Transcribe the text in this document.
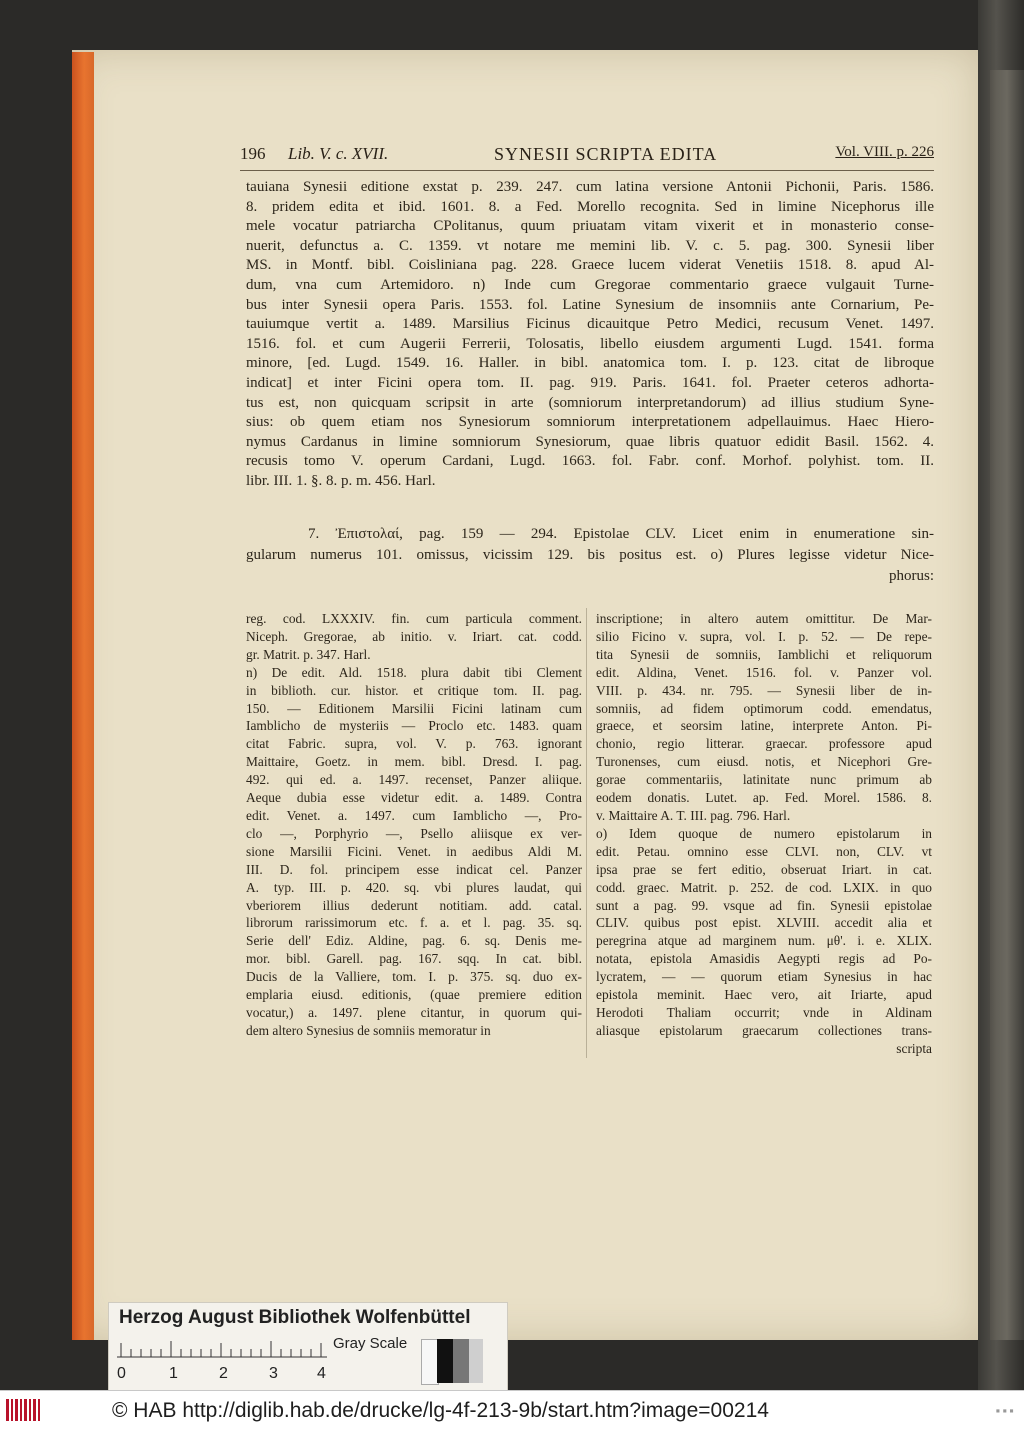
196 Lib. V. c. XVII.	SYNESII SCRIPTA EDITA	Vol. VIII. p. 226
tauiana Synesii editione exstat p. 239. 247. cum latina versione Antonii Pichonii, Paris. 1586.
8. pridem edita et ibid. 1601. 8. a Fed. Morello recognita. Sed in limine Nicephorus ille
mele vocatur patriarcha CPolitanus, quum priuatam vitam vixerit et in monasterio conse-
nuerit, defunctus a. C. 1359. vt notare me memini lib. V. c. 5. pag. 300. Synesii liber
MS. in Montf. bibl. Coisliniana pag. 228. Graece lucem viderat Venetiis 1518. 8. apud Al-
dum, vna cum Artemidoro. n) Inde cum Gregorae commentario graece vulgauit Turne-
bus inter Synesii opera Paris. 1553. fol. Latine Synesium de insomniis ante Cornarium, Pe-
tauiumque vertit a. 1489. Marsilius Ficinus dicauitque Petro Medici, recusum Venet. 1497.
1516. fol. et cum Augerii Ferrerii, Tolosatis, libello eiusdem argumenti Lugd. 1541. forma
minore, [ed. Lugd. 1549. 16. Haller. in bibl. anatomica tom. I. p. 123. citat de libroque
indicat] et inter Ficini opera tom. II. pag. 919. Paris. 1641. fol. Praeter ceteros adhorta-
tus est, non quicquam scripsit in arte (somniorum interpretandorum) ad illius studium Syne-
sius: ob quem etiam nos Synesiorum somniorum interpretationem adpellauimus. Haec Hiero-
nymus Cardanus in limine somniorum Synesiorum, quae libris quatuor edidit Basil. 1562. 4.
recusis tomo V. operum Cardani, Lugd. 1663. fol. Fabr. conf. Morhof. polyhist. tom. II.
libr. III. 1. §. 8. p. m. 456. Harl.
7. Ἐπιστολαί, pag. 159 — 294. Epistolae CLV. Licet enim in enumeratione sin-
gularum numerus 101. omissus, vicissim 129. bis positus est. o) Plures legisse videtur Nice-
phorus:
reg. cod. LXXXIV. fin. cum particula comment.
Niceph. Gregorae, ab initio. v. Iriart. cat. codd.
gr. Matrit. p. 347. Harl.
n) De edit. Ald. 1518. plura dabit tibi Clement
in biblioth. cur. histor. et critique tom. II. pag.
150. — Editionem Marsilii Ficini latinam cum
Iamblicho de mysteriis — Proclo etc. 1483. quam
citat Fabric. supra, vol. V. p. 763. ignorant
Maittaire, Goetz. in mem. bibl. Dresd. I. pag.
492. qui ed. a. 1497. recenset, Panzer aliique.
Aeque dubia esse videtur edit. a. 1489. Contra
edit. Venet. a. 1497. cum Iamblicho —, Pro-
clo —, Porphyrio —, Psello aliisque ex ver-
sione Marsilii Ficini. Venet. in aedibus Aldi M.
III. D. fol. principem esse indicat cel. Panzer
A. typ. III. p. 420. sq. vbi plures laudat, qui
vberiorem illius dederunt notitiam. add. catal.
librorum rarissimorum etc. f. a. et l. pag. 35. sq.
Serie dell' Ediz. Aldine, pag. 6. sq. Denis me-
mor. bibl. Garell. pag. 167. sqq. In cat. bibl.
Ducis de la Valliere, tom. I. p. 375. sq. duo ex-
emplaria eiusd. editionis, (quae premiere edition
vocatur,) a. 1497. plene citantur, in quorum qui-
dem altero Synesius de somniis memoratur in
inscriptione; in altero autem omittitur. De Mar-
silio Ficino v. supra, vol. I. p. 52. — De repe-
tita Synesii de somniis, Iamblichi et reliquorum
edit. Aldina, Venet. 1516. fol. v. Panzer vol.
VIII. p. 434. nr. 795. — Synesii liber de in-
somniis, ad fidem optimorum codd. emendatus,
graece, et seorsim latine, interprete Anton. Pi-
chonio, regio litterar. graecar. professore apud
Turonenses, cum eiusd. notis, et Nicephori Gre-
gorae commentariis, latinitate nunc primum ab
eodem donatis. Lutet. ap. Fed. Morel. 1586. 8.
v. Maittaire A. T. III. pag. 796. Harl.
o) Idem quoque de numero epistolarum in
edit. Petau. omnino esse CLVI. non, CLV. vt
ipsa prae se fert editio, obseruat Iriart. in cat.
codd. graec. Matrit. p. 252. de cod. LXIX. in quo
sunt a pag. 99. vsque ad fin. Synesii epistolae
CLIV. quibus post epist. XLVIII. accedit alia et
peregrina atque ad marginem num. μθ'. i. e. XLIX.
notata, epistola Amasidis Aegypti regis ad Po-
lycratem, — — quorum etiam Synesius in hac
epistola meminit. Haec vero, ait Iriarte, apud
Herodoti Thaliam occurrit; vnde in Aldinam
aliasque epistolarum graecarum collectiones trans-
scripta
Herzog August Bibliothek Wolfenbüttel
Gray Scale
0	1	2	3 4
© HAB http://diglib.hab.de/drucke/lg-4f-213-9b/start.htm?image=00214	▪▪▪
